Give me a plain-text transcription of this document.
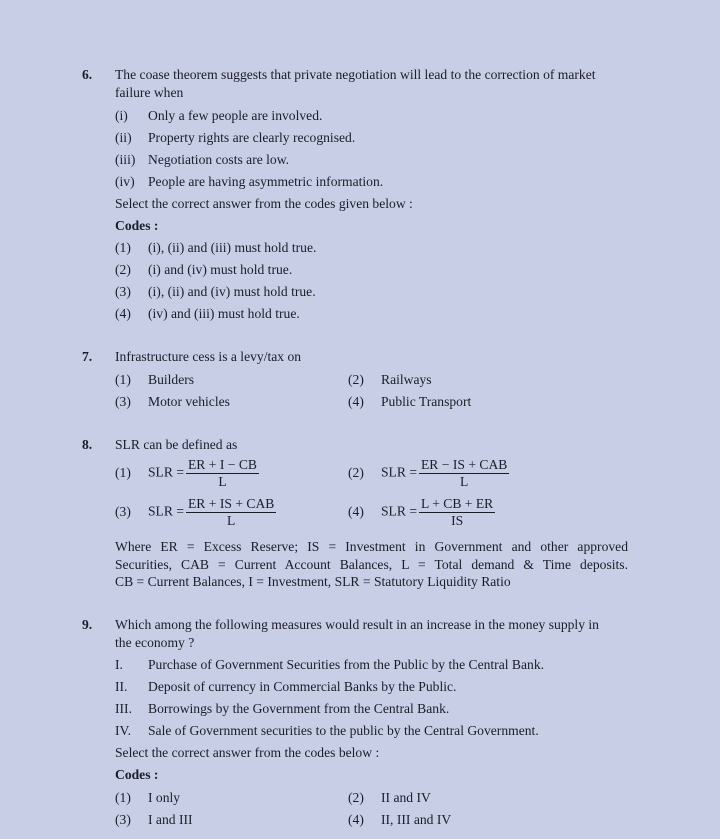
6. The coase theorem suggests that private negotiation will lead to the correction of market
failure when
(i) Only a few people are involved.
(ii) Property rights are clearly recognised.
(iii) Negotiation costs are low.
(iv) People are having asymmetric information.
Select the correct answer from the codes given below :
Codes :
(1) (i), (ii) and (iii) must hold true.
(2) (i) and (iv) must hold true.
(3) (i), (ii) and (iv) must hold true.
(4) (iv) and (iii) must hold true.
7. Infrastructure cess is a levy/tax on
(1) Builders	(2) Railways
(3) Motor vehicles	(4) Public Transport
8. SLR can be defined as
(1) SLR = $\frac{ER + I - CB}{L}$	(2) SLR = $\frac{\text{ER − IS + CAB}}{L}$
(3) SLR = $\frac{\text{ER + IS + CAB}}{L}$	(4) SLR = $\frac{L + CB + ER}{IS}$
Where ER = Excess Reserve; IS = Investment in Government and other approved
Securities, CAB = Current Account Balances, L = Total demand & Time deposits.
CB = Current Balances, I = Investment, SLR = Statutory Liquidity Ratio
9. Which among the following measures would result in an increase in the money supply in
the economy ?
I. Purchase of Government Securities from the Public by the Central Bank.
II. Deposit of currency in Commercial Banks by the Public.
III. Borrowings by the Government from the Central Bank.
IV. Sale of Government securities to the public by the Central Government.
Select the correct answer from the codes below :
Codes :
(1) I only	(2) II and IV
(3) I and III	(4) II, III and IV
